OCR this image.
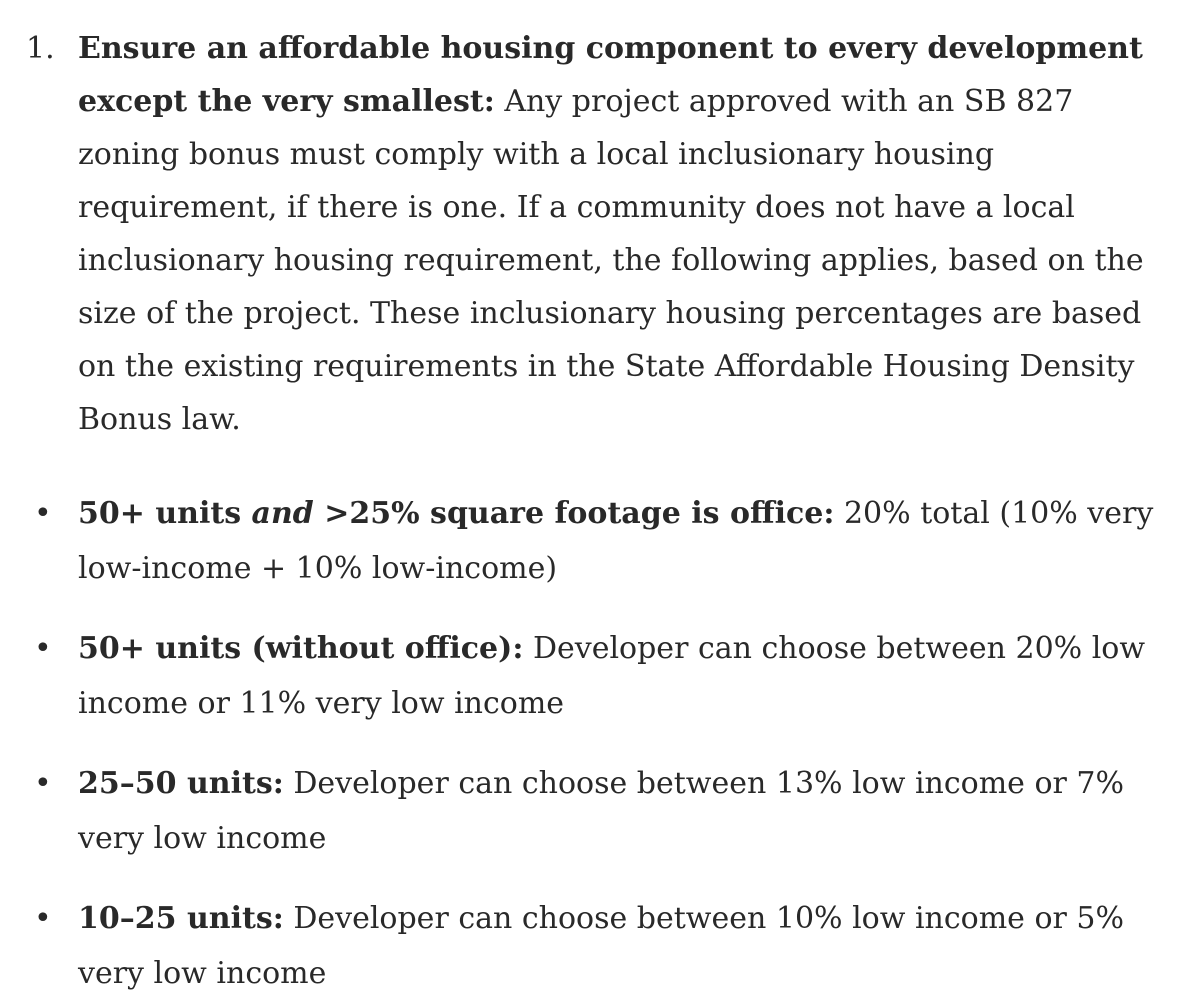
1. Ensure an affordable housing component to every development except the very smallest: Any project approved with an SB 827 zoning bonus must comply with a local inclusionary housing requirement, if there is one. If a community does not have a local inclusionary housing requirement, the following applies, based on the size of the project. These inclusionary housing percentages are based on the existing requirements in the State Affordable Housing Density Bonus law.

• 50+ units and >25% square footage is office: 20% total (10% very low-income + 10% low-income)

• 50+ units (without office): Developer can choose between 20% low income or 11% very low income

• 25–50 units: Developer can choose between 13% low income or 7% very low income

• 10–25 units: Developer can choose between 10% low income or 5% very low income
